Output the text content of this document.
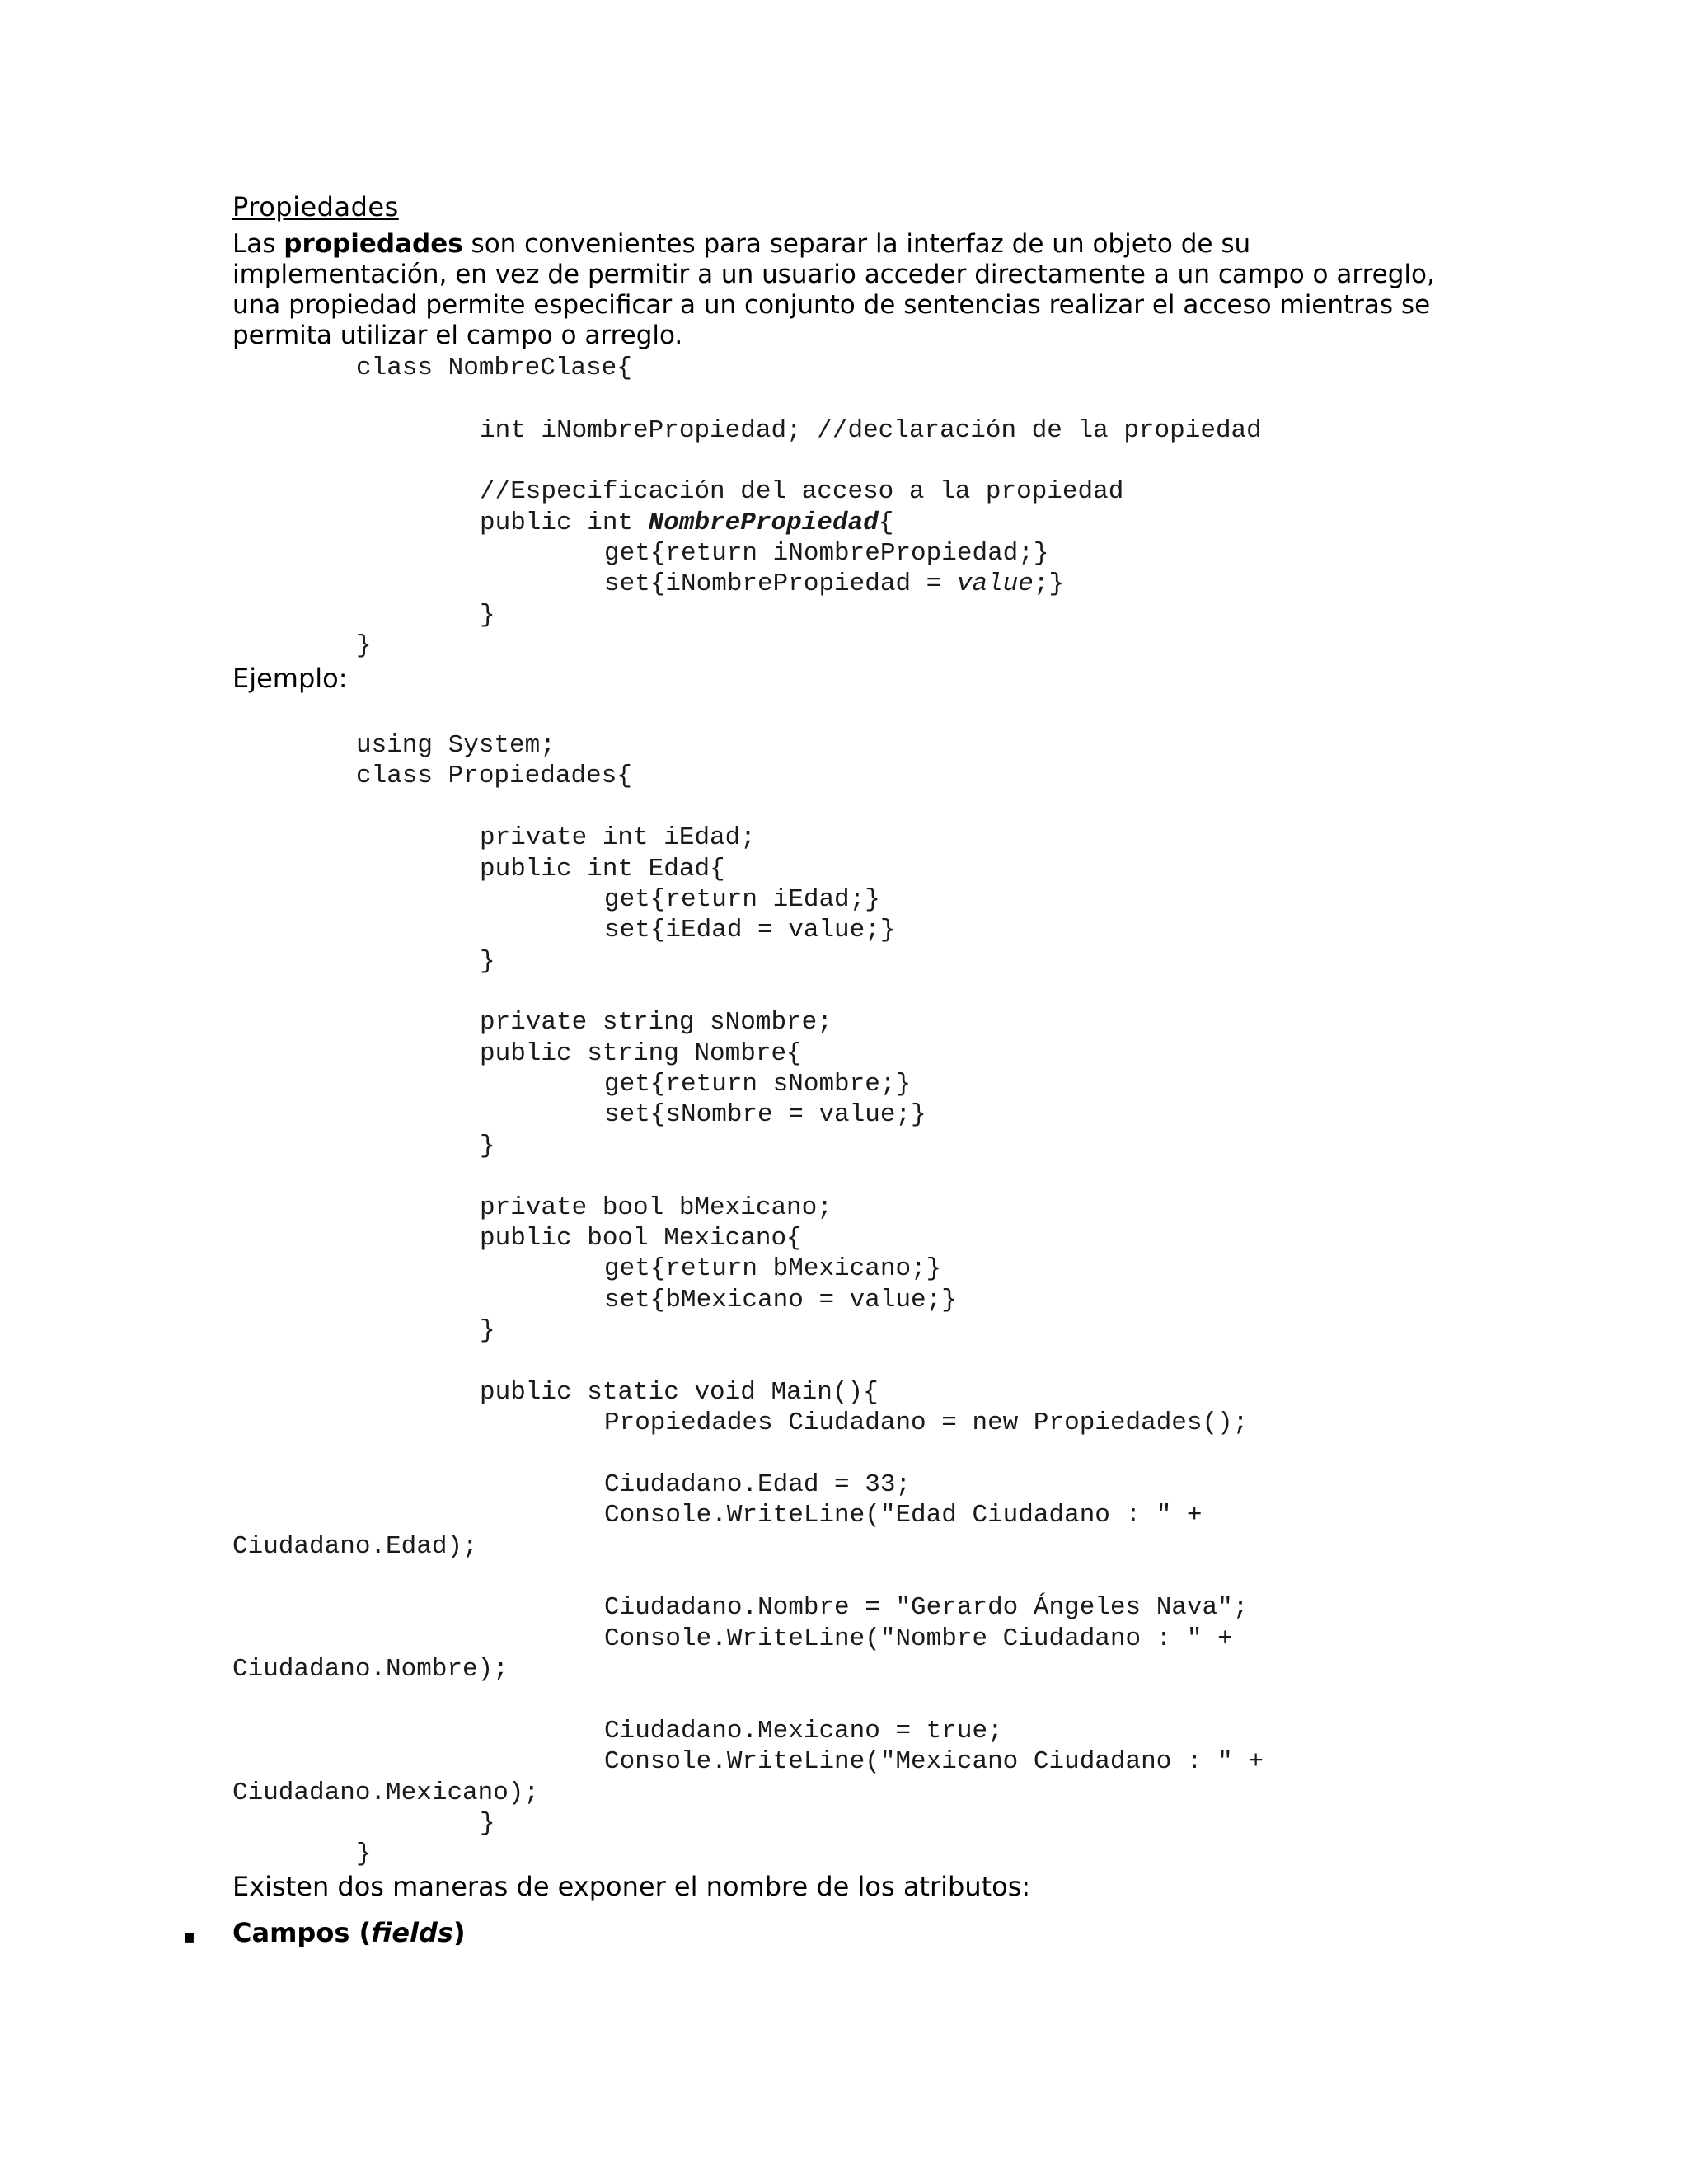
Propiedades
Las propiedades son convenientes para separar la interfaz de un objeto de su implementación, en vez de permitir a un usuario acceder directamente a un campo o arreglo, una propiedad permite especificar a un conjunto de sentencias realizar el acceso mientras se permita utilizar el campo o arreglo.
class NombreClase{
int iNombrePropiedad; //declaración de la propiedad
//Especificación del acceso a la propiedad
public int NombrePropiedad{
get{return iNombrePropiedad;}
set{iNombrePropiedad = value;}
}
}
Ejemplo:
using System;
class Propiedades{
private int iEdad;
public int Edad{
get{return iEdad;}
set{iEdad = value;}
}
private string sNombre;
public string Nombre{
get{return sNombre;}
set{sNombre = value;}
}
private bool bMexicano;
public bool Mexicano{
get{return bMexicano;}
set{bMexicano = value;}
}
public static void Main(){
Propiedades Ciudadano = new Propiedades();
Ciudadano.Edad = 33;
Console.WriteLine("Edad Ciudadano : " +
Ciudadano.Edad);
Ciudadano.Nombre = "Gerardo Ángeles Nava";
Console.WriteLine("Nombre Ciudadano : " +
Ciudadano.Nombre);
Ciudadano.Mexicano = true;
Console.WriteLine("Mexicano Ciudadano : " +
Ciudadano.Mexicano);
}
}
Existen dos maneras de exponer el nombre de los atributos:
▪ Campos (fields)
